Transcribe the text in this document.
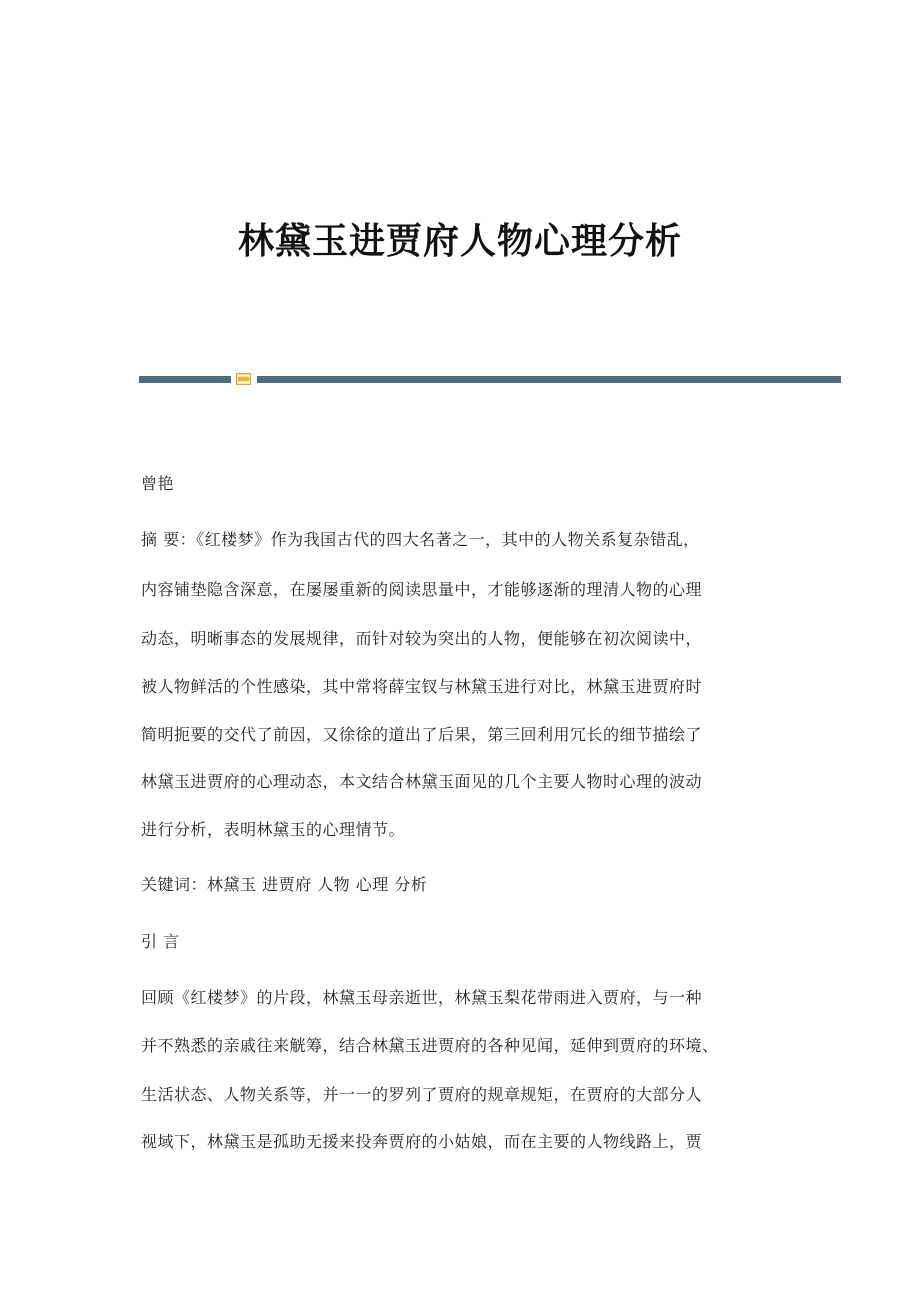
林黛玉进贾府人物心理分析
曾艳
摘 要：《红楼梦》作为我国古代的四大名著之一，其中的人物关系复杂错乱，
内容铺垫隐含深意，在屡屡重新的阅读思量中，才能够逐渐的理清人物的心理
动态，明晰事态的发展规律，而针对较为突出的人物，便能够在初次阅读中，
被人物鲜活的个性感染，其中常将薛宝钗与林黛玉进行对比，林黛玉进贾府时
简明扼要的交代了前因，又徐徐的道出了后果，第三回利用冗长的细节描绘了
林黛玉进贾府的心理动态，本文结合林黛玉面见的几个主要人物时心理的波动
进行分析，表明林黛玉的心理情节。
关键词：林黛玉 进贾府 人物 心理 分析
引 言
回顾《红楼梦》的片段，林黛玉母亲逝世，林黛玉梨花带雨进入贾府，与一种
并不熟悉的亲戚往来觥筹，结合林黛玉进贾府的各种见闻，延伸到贾府的环境、
生活状态、人物关系等，并一一的罗列了贾府的规章规矩，在贾府的大部分人
视域下，林黛玉是孤助无援来投奔贾府的小姑娘，而在主要的人物线路上，贾
